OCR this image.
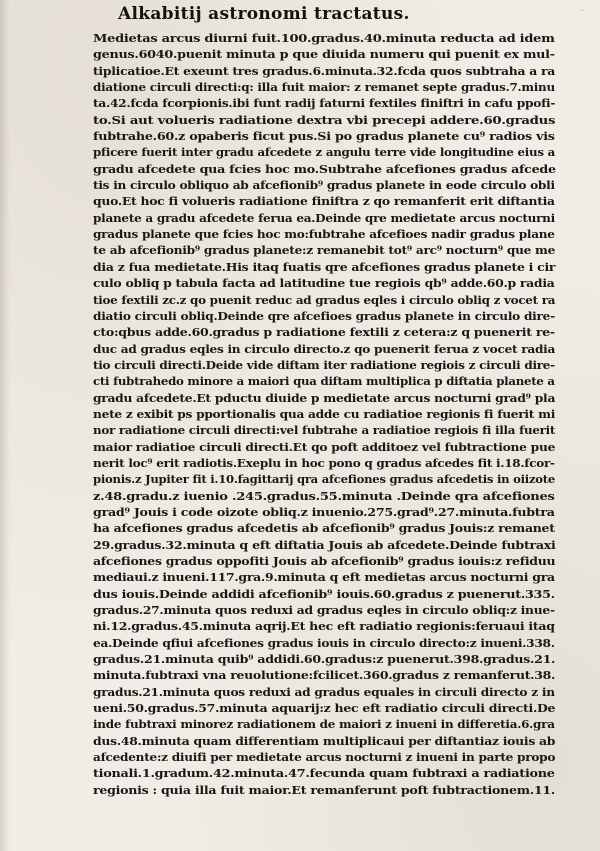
Alkabitij astronomi tractatus.	·
Medietas arcus diurni fuit.100.gradus.40.minuta reducta ad idem
genus.6040.puenit minuta p que diuida numeru qui puenit ex mul-
tiplicatioe.Et exeunt tres gradus.6.minuta.32.fcda quos subtraha a ra
diatione circuli directi:q: illa fuit maior: z remanet septe gradus.7.minu
ta.42.fcda fcorpionis.ibi funt radij faturni fextiles finiftri in cafu ppofi-
to.Si aut volueris radiatione dextra vbi precepi addere.60.gradus
fubtrahe.60.z opaberis ficut pus.Si po gradus planete cu⁹ radios vis
pficere fuerit inter gradu afcedete z angulu terre vide longitudine eius a
gradu afcedete qua fcies hoc mo.Subtrahe afcefiones gradus afcede
tis in circulo obliquo ab afcefionib⁹ gradus planete in eode circulo obli
quo.Et hoc fi volueris radiatione finiftra z qo remanferit erit diftantia
planete a gradu afcedete ferua ea.Deinde qre medietate arcus nocturni
gradus planete que fcies hoc mo:fubtrahe afcefioes nadir gradus plane
te ab afcefionib⁹ gradus planete:z remanebit tot⁹ arc⁹ nocturn⁹ que me
dia z fua medietate.His itaq fuatis qre afcefiones gradus planete i cir
culo obliq p tabula facta ad latitudine tue regiois qb⁹ adde.60.p radia
tioe fextili zc.z qo puenit reduc ad gradus eqles i circulo obliq z vocet ra
diatio circuli obliq.Deinde qre afcefioes gradus planete in circulo dire-
cto:qbus adde.60.gradus p radiatione fextili z cetera:z q puenerit re-
duc ad gradus eqles in circulo directo.z qo puenerit ferua z vocet radia
tio circuli directi.Deide vide diftam iter radiatione regiois z circuli dire-
cti fubtrahedo minore a maiori qua diftam multiplica p diftatia planete a
gradu afcedete.Et pductu diuide p medietate arcus nocturni grad⁹ pla
nete z exibit ps pportionalis qua adde cu radiatioe regionis fi fuerit mi
nor radiatione circuli directi:vel fubtrahe a radiatioe regiois fi illa fuerit
maior radiatioe circuli directi.Et qo poft additoez vel fubtractione pue
nerit loc⁹ erit radiotis.Exeplu in hoc pono q gradus afcedes fit i.18.fcor-
pionis.z Jupiter fit i.10.fagittarij qra afcefiones gradus afcedetis in oiizote
z.48.gradu.z iuenio .245.gradus.55.minuta .Deinde qra afcefiones
grad⁹ Jouis i code oizote obliq.z inuenio.275.grad⁹.27.minuta.fubtra
ha afcefiones gradus afcedetis ab afcefionib⁹ gradus Jouis:z remanet
29.gradus.32.minuta q eft diftatia Jouis ab afcedete.Deinde fubtraxi
afcefiones gradus oppofiti Jouis ab afcefionib⁹ gradus iouis:z refiduu
mediaui.z inueni.117.gra.9.minuta q eft medietas arcus nocturni gra
dus iouis.Deinde addidi afcefionib⁹ iouis.60.gradus z puenerut.335.
gradus.27.minuta quos reduxi ad gradus eqles in circulo obliq:z inue-
ni.12.gradus.45.minuta aqrij.Et hec eft radiatio regionis:feruaui itaq
ea.Deinde qfiui afcefiones gradus iouis in circulo directo:z inueni.338.
gradus.21.minuta quib⁹ addidi.60.gradus:z puenerut.398.gradus.21.
minuta.fubtraxi vna reuolutione:fcilicet.360.gradus z remanferut.38.
gradus.21.minuta quos reduxi ad gradus equales in circuli directo z in
ueni.50.gradus.57.minuta aquarij:z hec eft radiatio circuli directi.De
inde fubtraxi minorez radiationem de maiori z inueni in differetia.6.gra
dus.48.minuta quam differentiam multiplicaui per diftantiaz iouis ab
afcedente:z diuifi per medietate arcus nocturni z inueni in parte propo
tionali.1.gradum.42.minuta.47.fecunda quam fubtraxi a radiatione
regionis : quia illa fuit maior.Et remanferunt poft fubtractionem.11.
